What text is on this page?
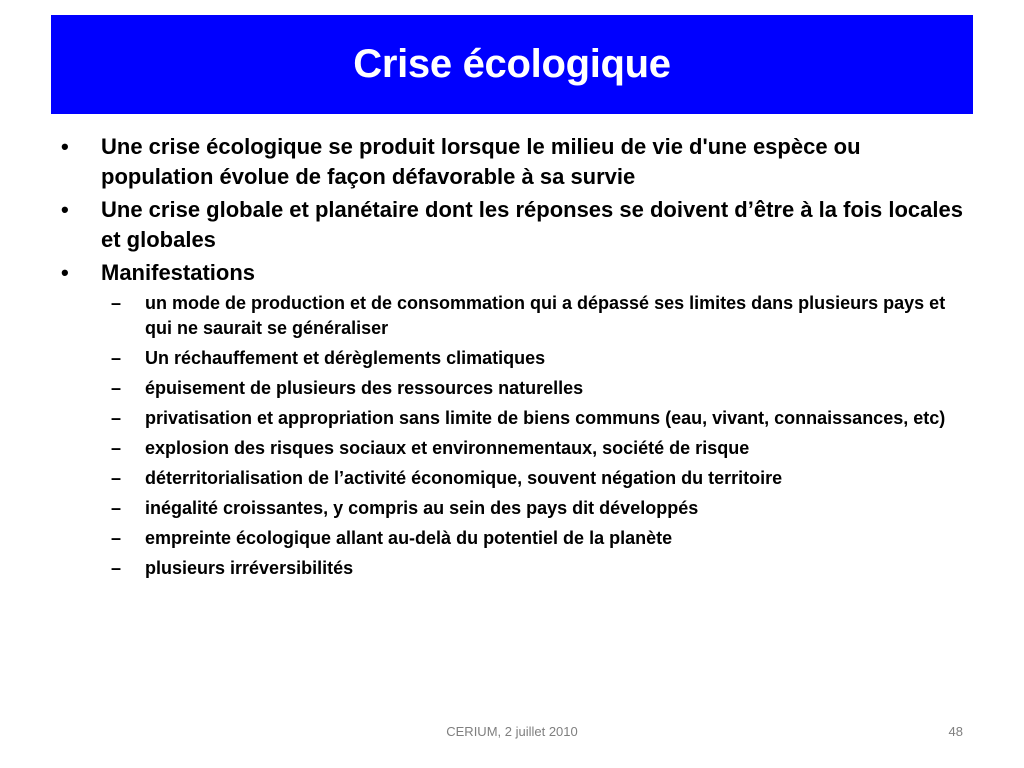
Crise écologique
•	Une crise écologique se produit lorsque le milieu de vie d'une espèce ou population évolue de façon défavorable à sa survie
•	Une crise globale et planétaire dont les réponses se doivent d’être à la fois locales et globales
•	Manifestations
–	un mode de production et de consommation qui a dépassé ses limites dans plusieurs pays et qui ne saurait se généraliser
–	Un réchauffement et dérèglements climatiques
–	épuisement de plusieurs des ressources naturelles
–	privatisation et appropriation sans limite de biens communs (eau, vivant, connaissances, etc)
–	explosion des risques sociaux et environnementaux, société de risque
–	déterritorialisation de l’activité économique, souvent négation du territoire
–	inégalité croissantes, y compris au sein des pays dit développés
–	empreinte écologique allant au-delà du potentiel de la planète
–	plusieurs irréversibilités
CERIUM, 2 juillet 2010	48
